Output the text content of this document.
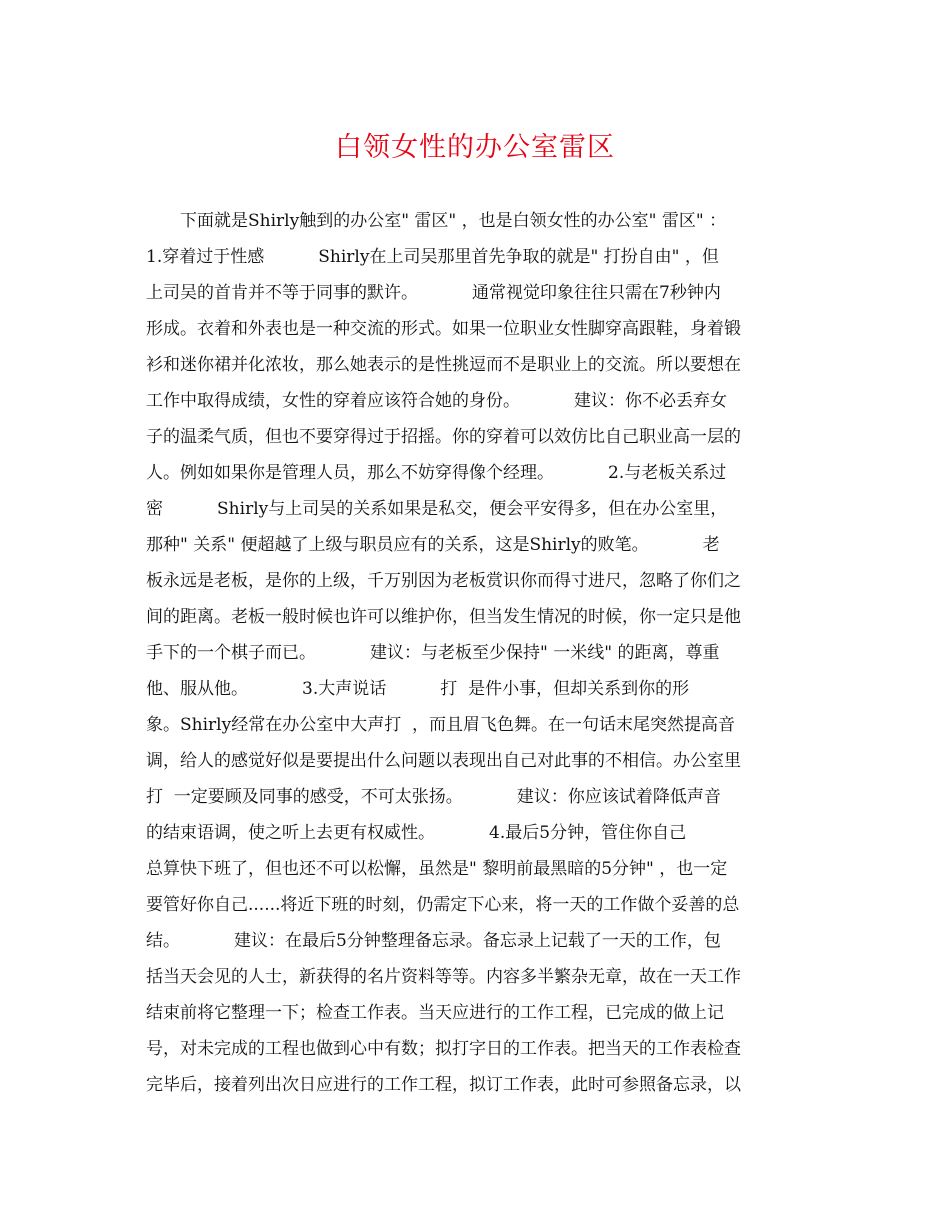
白领女性的办公室雷区
下面就是Shirly触到的办公室" 雷区" ，也是白领女性的办公室" 雷区" ：
1.穿着过于性感          Shirly在上司吴那里首先争取的就是" 打扮自由" ，但
上司吴的首肯并不等于同事的默许。          通常视觉印象往往只需在7秒钟内
形成。衣着和外表也是一种交流的形式。如果一位职业女性脚穿高跟鞋，身着锻
衫和迷你裙并化浓妆，那么她表示的是性挑逗而不是职业上的交流。所以要想在
工作中取得成绩，女性的穿着应该符合她的身份。          建议：你不必丢弃女
子的温柔气质，但也不要穿得过于招摇。你的穿着可以效仿比自己职业高一层的
人。例如如果你是管理人员，那么不妨穿得像个经理。          2.与老板关系过
密          Shirly与上司吴的关系如果是私交，便会平安得多，但在办公室里，
那种" 关系" 便超越了上级与职员应有的关系，这是Shirly的败笔。          老
板永远是老板，是你的上级，千万别因为老板赏识你而得寸进尺，忽略了你们之
间的距离。老板一般时候也许可以维护你，但当发生情况的时候，你一定只是他
手下的一个棋子而已。          建议：与老板至少保持" 一米线" 的距离，尊重
他、服从他。          3.大声说话          打  是件小事，但却关系到你的形
象。Shirly经常在办公室中大声打  ，而且眉飞色舞。在一句话末尾突然提高音
调，给人的感觉好似是要提出什么问题以表现出自己对此事的不相信。办公室里
打  一定要顾及同事的感受，不可太张扬。          建议：你应该试着降低声音
的结束语调，使之听上去更有权威性。          4.最后5分钟，管住你自己
总算快下班了，但也还不可以松懈，虽然是" 黎明前最黑暗的5分钟" ，也一定
要管好你自己......将近下班的时刻，仍需定下心来，将一天的工作做个妥善的总
结。          建议：在最后5分钟整理备忘录。备忘录上记载了一天的工作，包
括当天会见的人士，新获得的名片资料等等。内容多半繁杂无章，故在一天工作
结束前将它整理一下；检查工作表。当天应进行的工作工程，已完成的做上记
号，对未完成的工程也做到心中有数；拟打字日的工作表。把当天的工作表检查
完毕后，接着列出次日应进行的工作工程，拟订工作表，此时可参照备忘录，以
